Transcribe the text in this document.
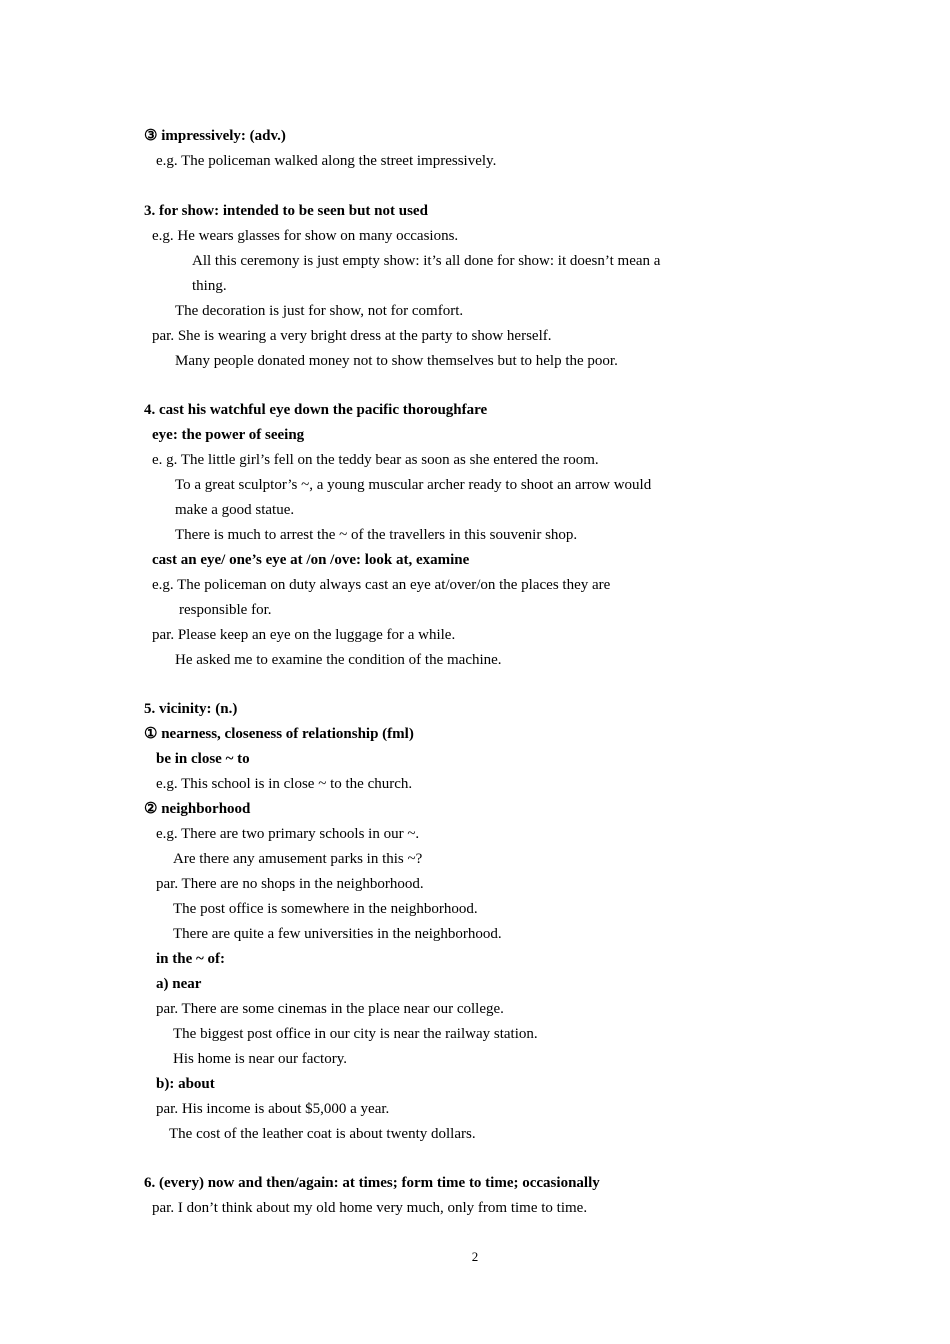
③ impressively: (adv.)
e.g. The policeman walked along the street impressively.
3. for show: intended to be seen but not used
e.g. He wears glasses for show on many occasions.
All this ceremony is just empty show: it’s all done for show: it doesn’t mean a
thing.
The decoration is just for show, not for comfort.
par. She is wearing a very bright dress at the party to show herself.
Many people donated money not to show themselves but to help the poor.
4. cast his watchful eye down the pacific thoroughfare
eye: the power of seeing
e. g. The little girl’s fell on the teddy bear as soon as she entered the room.
To a great sculptor’s ~, a young muscular archer ready to shoot an arrow would
make a good statue.
There is much to arrest the ~ of the travellers in this souvenir shop.
cast an eye/ one’s eye at /on /ove: look at, examine
e.g. The policeman on duty always cast an eye at/over/on the places they are
responsible for.
par. Please keep an eye on the luggage for a while.
He asked me to examine the condition of the machine.
5. vicinity: (n.)
① nearness, closeness of relationship (fml)
be in close ~ to
e.g. This school is in close ~ to the church.
② neighborhood
e.g. There are two primary schools in our ~.
Are there any amusement parks in this ~?
par. There are no shops in the neighborhood.
The post office is somewhere in the neighborhood.
There are quite a few universities in the neighborhood.
in the ~ of:
a) near
par. There are some cinemas in the place near our college.
The biggest post office in our city is near the railway station.
His home is near our factory.
b): about
par. His income is about $5,000 a year.
The cost of the leather coat is about twenty dollars.
6. (every) now and then/again: at times; form time to time; occasionally
par. I don’t think about my old home very much, only from time to time.
2
